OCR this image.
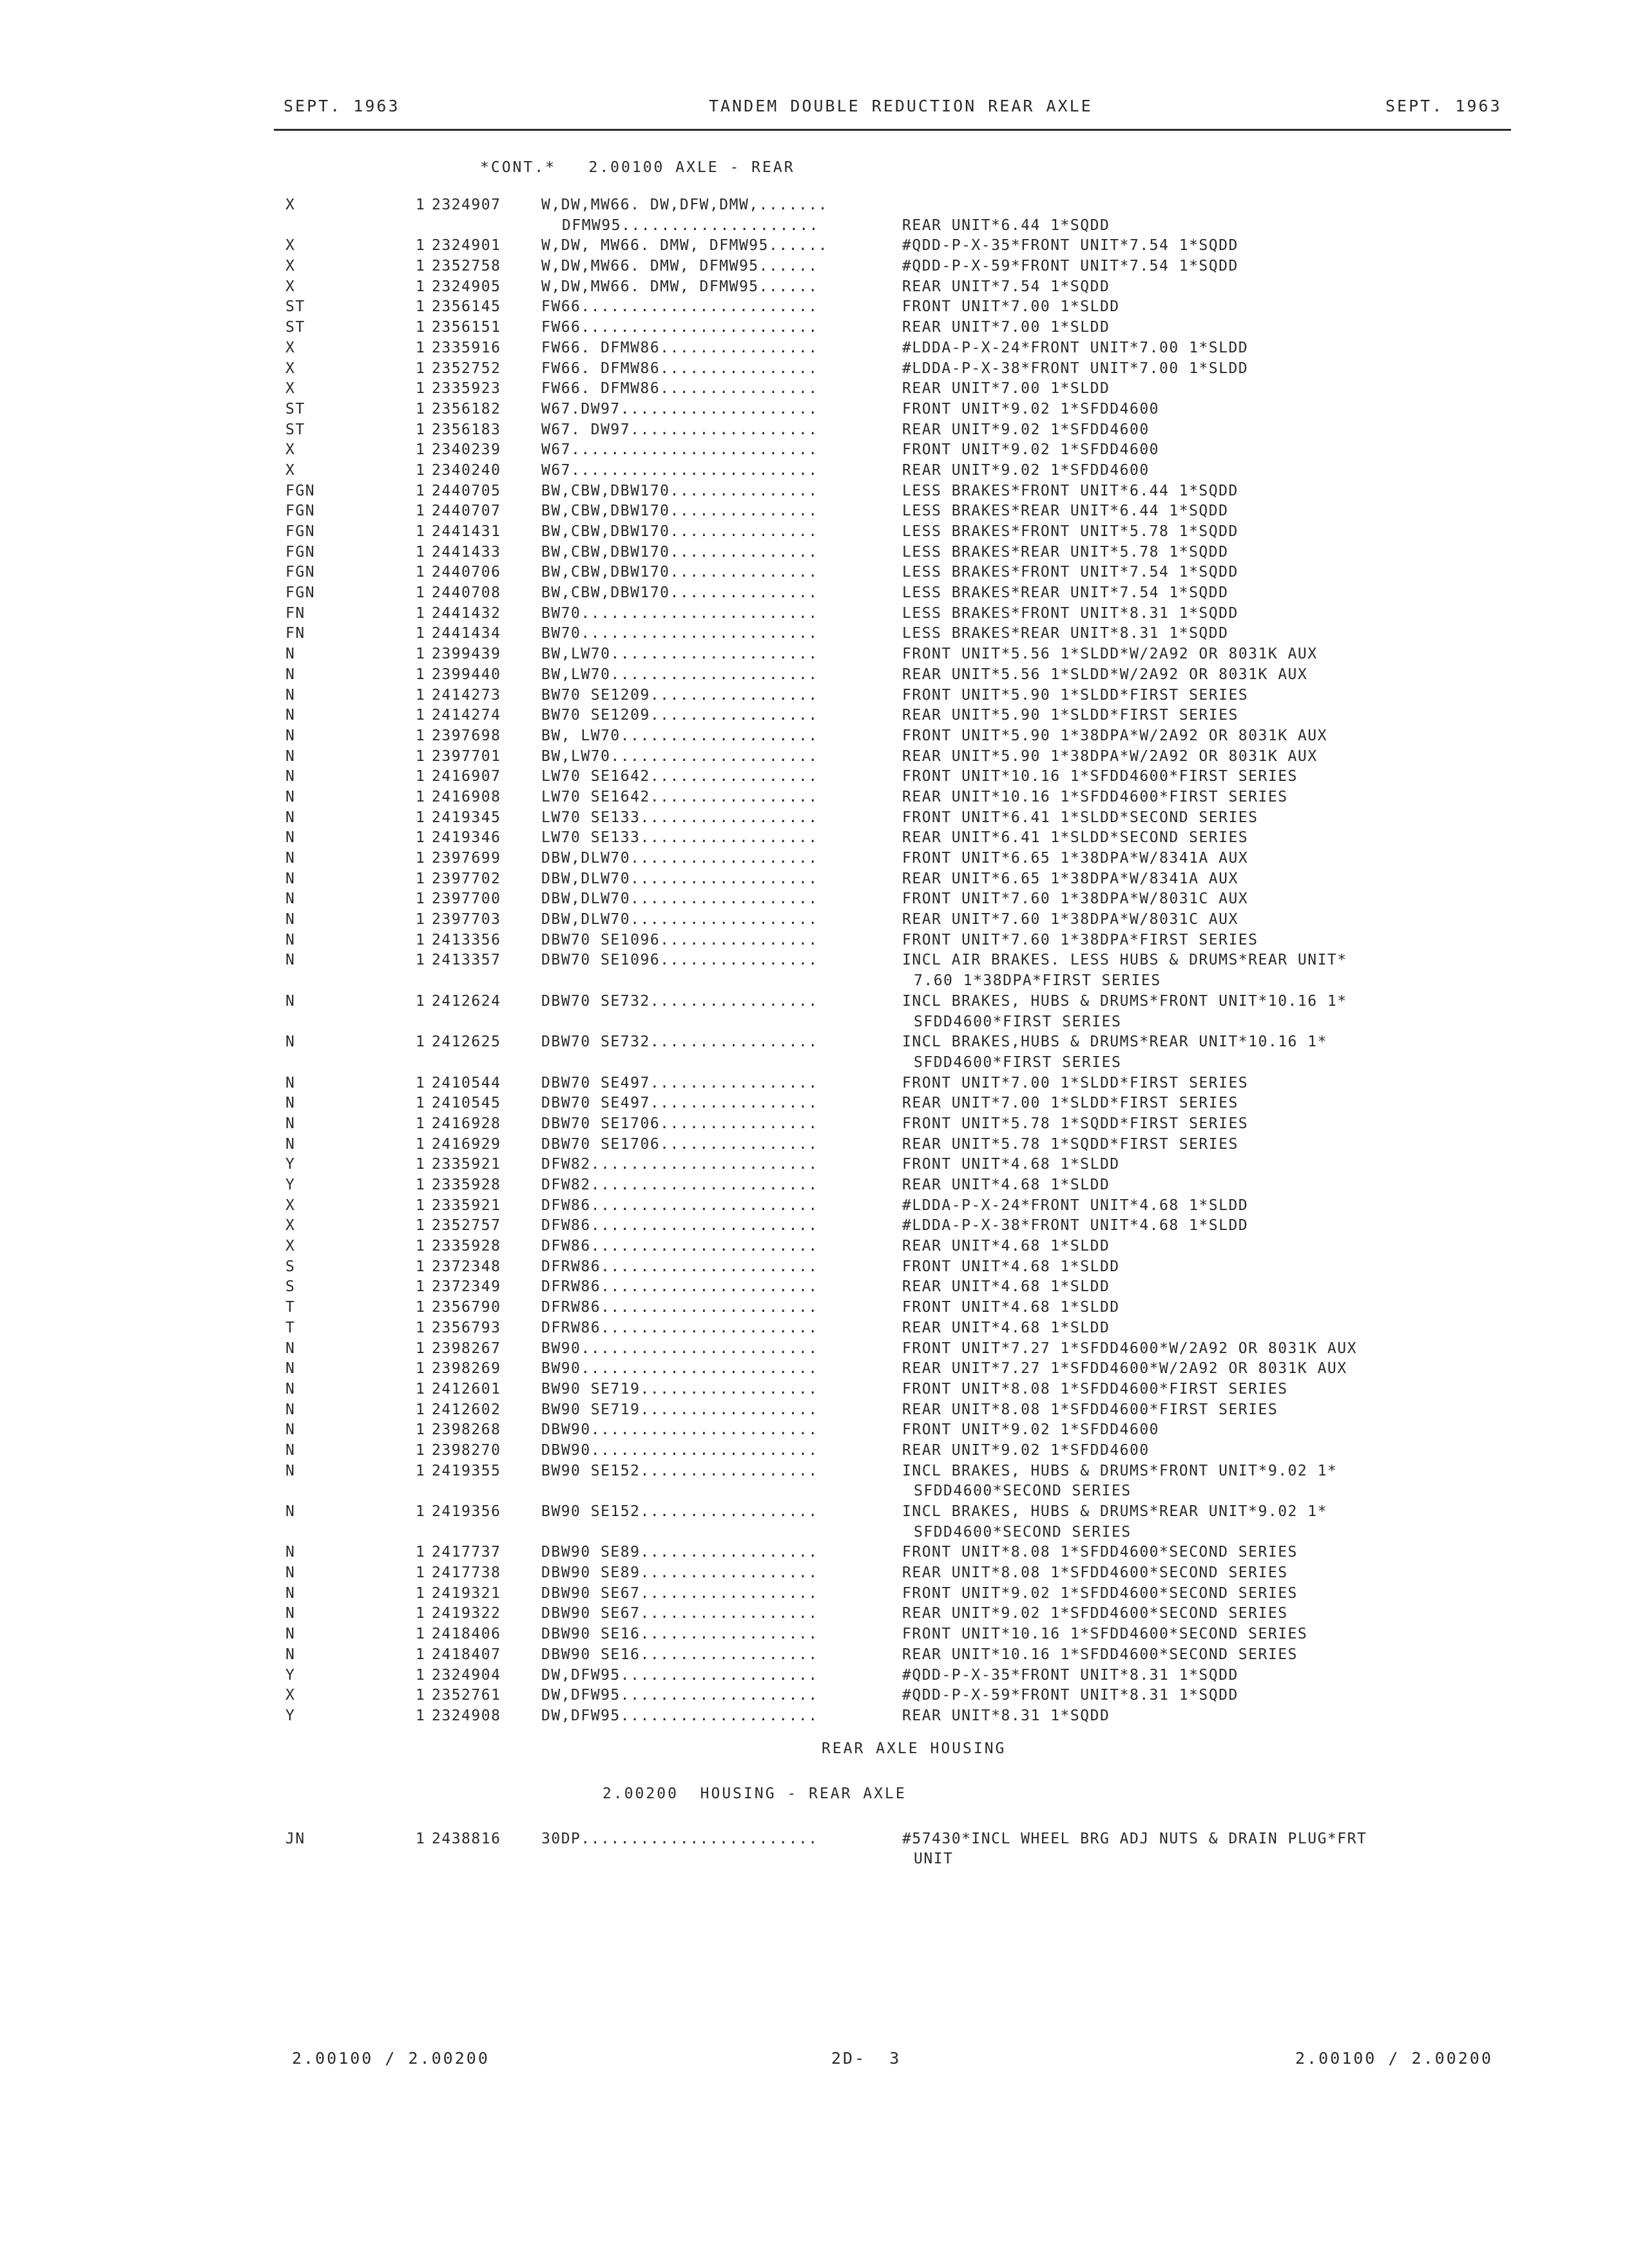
SEPT. 1963	TANDEM DOUBLE REDUCTION REAR AXLE	SEPT. 1963
*CONT.*   2.00100 AXLE - REAR
X	1 2324907	W,DW,MW66. DW,DFW,DMW,.......
DFMW95....................	REAR UNIT*6.44 1*SQDD
X	1 2324901	W,DW, MW66. DMW, DFMW95......	#QDD-P-X-35*FRONT UNIT*7.54 1*SQDD
X	1 2352758	W,DW,MW66. DMW, DFMW95......	#QDD-P-X-59*FRONT UNIT*7.54 1*SQDD
X	1 2324905	W,DW,MW66. DMW, DFMW95......	REAR UNIT*7.54 1*SQDD
ST	1 2356145	FW66........................	FRONT UNIT*7.00 1*SLDD
ST	1 2356151	FW66........................	REAR UNIT*7.00 1*SLDD
X	1 2335916	FW66. DFMW86................	#LDDA-P-X-24*FRONT UNIT*7.00 1*SLDD
X	1 2352752	FW66. DFMW86................	#LDDA-P-X-38*FRONT UNIT*7.00 1*SLDD
X	1 2335923	FW66. DFMW86................	REAR UNIT*7.00 1*SLDD
ST	1 2356182	W67.DW97....................	FRONT UNIT*9.02 1*SFDD4600
ST	1 2356183	W67. DW97...................	REAR UNIT*9.02 1*SFDD4600
X	1 2340239	W67.........................	FRONT UNIT*9.02 1*SFDD4600
X	1 2340240	W67.........................	REAR UNIT*9.02 1*SFDD4600
FGN	1 2440705	BW,CBW,DBW170...............	LESS BRAKES*FRONT UNIT*6.44 1*SQDD
FGN	1 2440707	BW,CBW,DBW170...............	LESS BRAKES*REAR UNIT*6.44 1*SQDD
FGN	1 2441431	BW,CBW,DBW170...............	LESS BRAKES*FRONT UNIT*5.78 1*SQDD
FGN	1 2441433	BW,CBW,DBW170...............	LESS BRAKES*REAR UNIT*5.78 1*SQDD
FGN	1 2440706	BW,CBW,DBW170...............	LESS BRAKES*FRONT UNIT*7.54 1*SQDD
FGN	1 2440708	BW,CBW,DBW170...............	LESS BRAKES*REAR UNIT*7.54 1*SQDD
FN	1 2441432	BW70........................	LESS BRAKES*FRONT UNIT*8.31 1*SQDD
FN	1 2441434	BW70........................	LESS BRAKES*REAR UNIT*8.31 1*SQDD
N	1 2399439	BW,LW70.....................	FRONT UNIT*5.56 1*SLDD*W/2A92 OR 8031K AUX
N	1 2399440	BW,LW70.....................	REAR UNIT*5.56 1*SLDD*W/2A92 OR 8031K AUX
N	1 2414273	BW70 SE1209.................	FRONT UNIT*5.90 1*SLDD*FIRST SERIES
N	1 2414274	BW70 SE1209.................	REAR UNIT*5.90 1*SLDD*FIRST SERIES
N	1 2397698	BW, LW70....................	FRONT UNIT*5.90 1*38DPA*W/2A92 OR 8031K AUX
N	1 2397701	BW,LW70.....................	REAR UNIT*5.90 1*38DPA*W/2A92 OR 8031K AUX
N	1 2416907	LW70 SE1642.................	FRONT UNIT*10.16 1*SFDD4600*FIRST SERIES
N	1 2416908	LW70 SE1642.................	REAR UNIT*10.16 1*SFDD4600*FIRST SERIES
N	1 2419345	LW70 SE133..................	FRONT UNIT*6.41 1*SLDD*SECOND SERIES
N	1 2419346	LW70 SE133..................	REAR UNIT*6.41 1*SLDD*SECOND SERIES
N	1 2397699	DBW,DLW70...................	FRONT UNIT*6.65 1*38DPA*W/8341A AUX
N	1 2397702	DBW,DLW70...................	REAR UNIT*6.65 1*38DPA*W/8341A AUX
N	1 2397700	DBW,DLW70...................	FRONT UNIT*7.60 1*38DPA*W/8031C AUX
N	1 2397703	DBW,DLW70...................	REAR UNIT*7.60 1*38DPA*W/8031C AUX
N	1 2413356	DBW70 SE1096................	FRONT UNIT*7.60 1*38DPA*FIRST SERIES
N	1 2413357	DBW70 SE1096................	INCL AIR BRAKES. LESS HUBS & DRUMS*REAR UNIT*
7.60 1*38DPA*FIRST SERIES
N	1 2412624	DBW70 SE732.................	INCL BRAKES, HUBS & DRUMS*FRONT UNIT*10.16 1*
SFDD4600*FIRST SERIES
N	1 2412625	DBW70 SE732.................	INCL BRAKES,HUBS & DRUMS*REAR UNIT*10.16 1*
SFDD4600*FIRST SERIES
N	1 2410544	DBW70 SE497.................	FRONT UNIT*7.00 1*SLDD*FIRST SERIES
N	1 2410545	DBW70 SE497.................	REAR UNIT*7.00 1*SLDD*FIRST SERIES
N	1 2416928	DBW70 SE1706................	FRONT UNIT*5.78 1*SQDD*FIRST SERIES
N	1 2416929	DBW70 SE1706................	REAR UNIT*5.78 1*SQDD*FIRST SERIES
Y	1 2335921	DFW82.......................	FRONT UNIT*4.68 1*SLDD
Y	1 2335928	DFW82.......................	REAR UNIT*4.68 1*SLDD
X	1 2335921	DFW86.......................	#LDDA-P-X-24*FRONT UNIT*4.68 1*SLDD
X	1 2352757	DFW86.......................	#LDDA-P-X-38*FRONT UNIT*4.68 1*SLDD
X	1 2335928	DFW86.......................	REAR UNIT*4.68 1*SLDD
S	1 2372348	DFRW86......................	FRONT UNIT*4.68 1*SLDD
S	1 2372349	DFRW86......................	REAR UNIT*4.68 1*SLDD
T	1 2356790	DFRW86......................	FRONT UNIT*4.68 1*SLDD
T	1 2356793	DFRW86......................	REAR UNIT*4.68 1*SLDD
N	1 2398267	BW90........................	FRONT UNIT*7.27 1*SFDD4600*W/2A92 OR 8031K AUX
N	1 2398269	BW90........................	REAR UNIT*7.27 1*SFDD4600*W/2A92 OR 8031K AUX
N	1 2412601	BW90 SE719..................	FRONT UNIT*8.08 1*SFDD4600*FIRST SERIES
N	1 2412602	BW90 SE719..................	REAR UNIT*8.08 1*SFDD4600*FIRST SERIES
N	1 2398268	DBW90.......................	FRONT UNIT*9.02 1*SFDD4600
N	1 2398270	DBW90.......................	REAR UNIT*9.02 1*SFDD4600
N	1 2419355	BW90 SE152..................	INCL BRAKES, HUBS & DRUMS*FRONT UNIT*9.02 1*
SFDD4600*SECOND SERIES
N	1 2419356	BW90 SE152..................	INCL BRAKES, HUBS & DRUMS*REAR UNIT*9.02 1*
SFDD4600*SECOND SERIES
N	1 2417737	DBW90 SE89..................	FRONT UNIT*8.08 1*SFDD4600*SECOND SERIES
N	1 2417738	DBW90 SE89..................	REAR UNIT*8.08 1*SFDD4600*SECOND SERIES
N	1 2419321	DBW90 SE67..................	FRONT UNIT*9.02 1*SFDD4600*SECOND SERIES
N	1 2419322	DBW90 SE67..................	REAR UNIT*9.02 1*SFDD4600*SECOND SERIES
N	1 2418406	DBW90 SE16..................	FRONT UNIT*10.16 1*SFDD4600*SECOND SERIES
N	1 2418407	DBW90 SE16..................	REAR UNIT*10.16 1*SFDD4600*SECOND SERIES
Y	1 2324904	DW,DFW95....................	#QDD-P-X-35*FRONT UNIT*8.31 1*SQDD
X	1 2352761	DW,DFW95....................	#QDD-P-X-59*FRONT UNIT*8.31 1*SQDD
Y	1 2324908	DW,DFW95....................	REAR UNIT*8.31 1*SQDD
REAR AXLE HOUSING
2.00200  HOUSING - REAR AXLE
JN	1 2438816	30DP........................	#57430*INCL WHEEL BRG ADJ NUTS & DRAIN PLUG*FRT
UNIT
2.00100 / 2.00200	2D-  3	2.00100 / 2.00200
